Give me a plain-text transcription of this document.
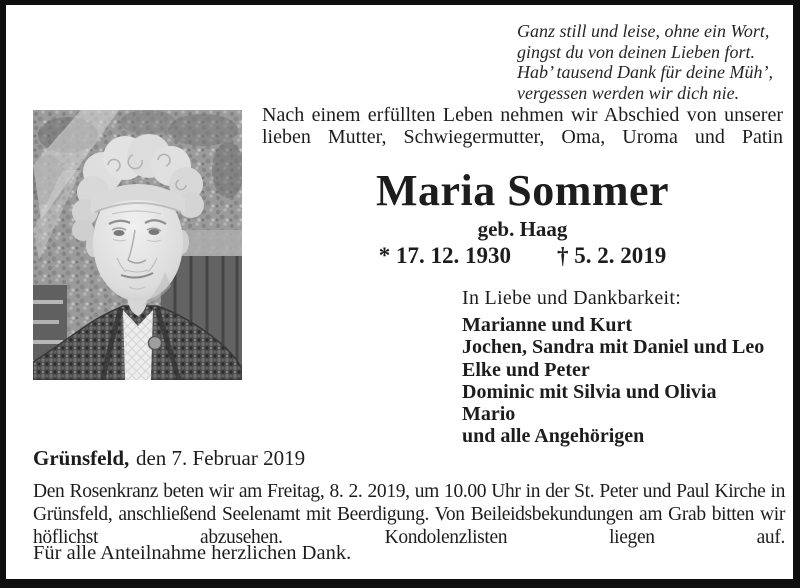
Ganz still und leise, ohne ein Wort,
gingst du von deinen Lieben fort.
Hab’ tausend Dank für deine Müh’,
vergessen werden wir dich nie.
Nach einem erfüllten Leben nehmen wir Abschied von unserer lieben Mutter, Schwiegermutter, Oma, Uroma und Patin
Maria Sommer
geb. Haag
* 17. 12. 1930 † 5. 2. 2019
In Liebe und Dankbarkeit:
Marianne und Kurt
Jochen, Sandra mit Daniel und Leo
Elke und Peter
Dominic mit Silvia und Olivia
Mario
und alle Angehörigen
Grünsfeld, den 7. Februar 2019
Den Rosenkranz beten wir am Freitag, 8. 2. 2019, um 10.00 Uhr in der St. Peter und Paul Kirche in Grünsfeld, anschließend Seelenamt mit Beerdigung. Von Beileidsbekundungen am Grab bitten wir höflichst abzusehen. Kondolenzlisten liegen auf.
Für alle Anteilnahme herzlichen Dank.
